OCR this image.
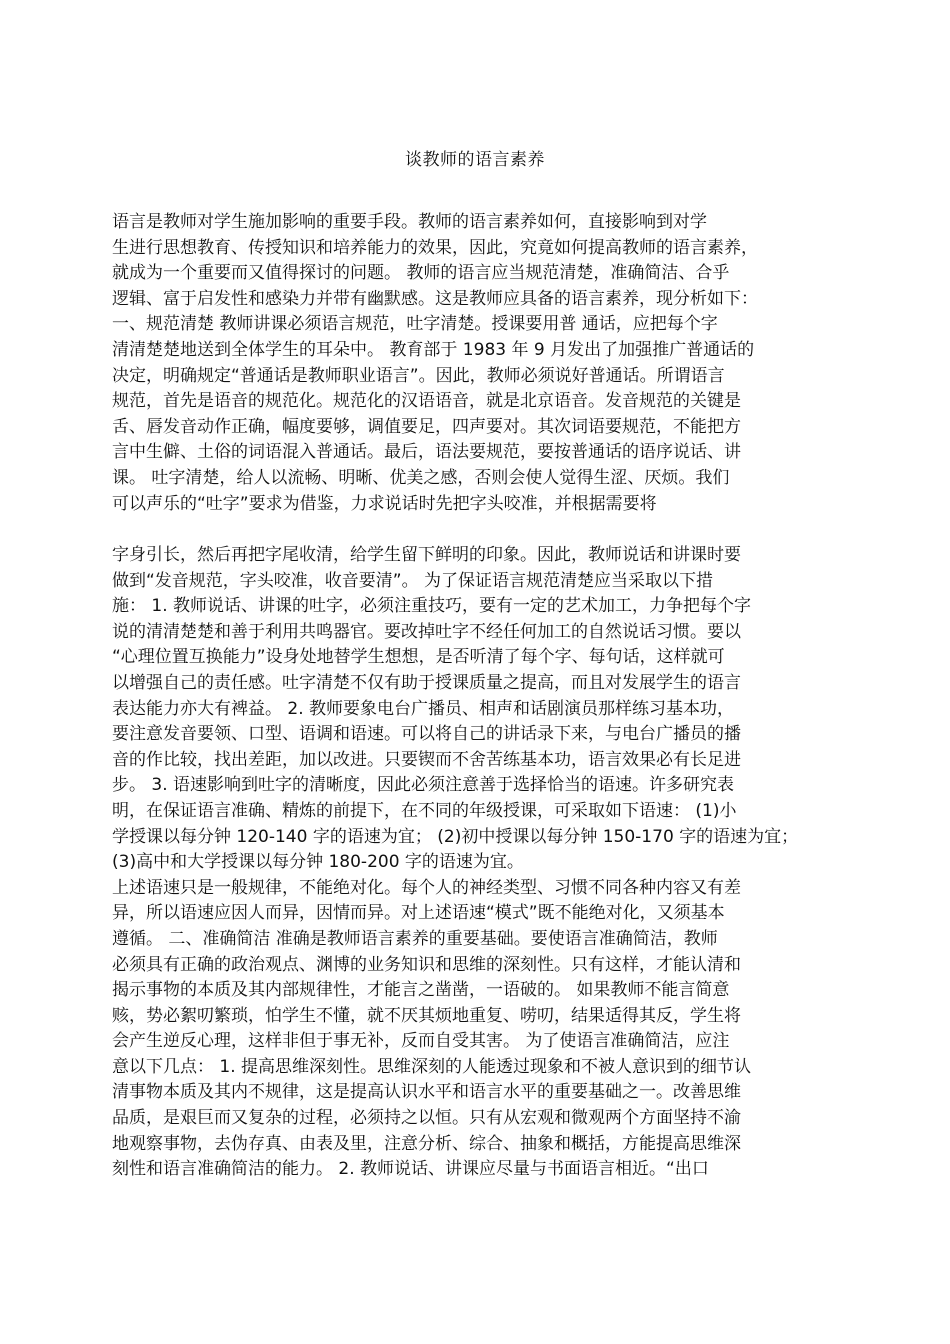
谈教师的语言素养
语言是教师对学生施加影响的重要手段。教师的语言素养如何，直接影响到对学
生进行思想教育、传授知识和培养能力的效果，因此，究竟如何提高教师的语言素养，
就成为一个重要而又值得探讨的问题。 教师的语言应当规范清楚，准确简洁、合乎
逻辑、富于启发性和感染力并带有幽默感。这是教师应具备的语言素养，现分析如下：
一、规范清楚 教师讲课必须语言规范，吐字清楚。授课要用普 通话，应把每个字
清清楚楚地送到全体学生的耳朵中。 教育部于 1983 年 9 月发出了加强推广普通话的
决定，明确规定“普通话是教师职业语言”。因此，教师必须说好普通话。所谓语言
规范，首先是语音的规范化。规范化的汉语语音，就是北京语音。发音规范的关键是
舌、唇发音动作正确，幅度要够，调值要足，四声要对。其次词语要规范，不能把方
言中生僻、土俗的词语混入普通话。最后，语法要规范，要按普通话的语序说话、讲
课。 吐字清楚，给人以流畅、明晰、优美之感，否则会使人觉得生涩、厌烦。我们
可以声乐的“吐字”要求为借鉴，力求说话时先把字头咬准，并根据需要将
字身引长，然后再把字尾收清，给学生留下鲜明的印象。因此，教师说话和讲课时要
做到“发音规范，字头咬准，收音要清”。 为了保证语言规范清楚应当采取以下措
施： 1. 教师说话、讲课的吐字，必须注重技巧，要有一定的艺术加工，力争把每个字
说的清清楚楚和善于利用共鸣器官。要改掉吐字不经任何加工的自然说话习惯。要以
“心理位置互换能力”设身处地替学生想想，是否听清了每个字、每句话，这样就可
以增强自己的责任感。吐字清楚不仅有助于授课质量之提高，而且对发展学生的语言
表达能力亦大有裨益。 2. 教师要象电台广播员、相声和话剧演员那样练习基本功，
要注意发音要领、口型、语调和语速。可以将自己的讲话录下来，与电台广播员的播
音的作比较，找出差距，加以改进。只要锲而不舍苦练基本功，语言效果必有长足进
步。 3. 语速影响到吐字的清晰度，因此必须注意善于选择恰当的语速。许多研究表
明，在保证语言准确、精炼的前提下，在不同的年级授课，可采取如下语速： (1)小
学授课以每分钟 120-140 字的语速为宜； (2)初中授课以每分钟 150-170 字的语速为宜；
(3)高中和大学授课以每分钟 180-200 字的语速为宜。
上述语速只是一般规律，不能绝对化。每个人的神经类型、习惯不同各种内容又有差
异，所以语速应因人而异，因情而异。对上述语速“模式”既不能绝对化，又须基本
遵循。 二、准确简洁 准确是教师语言素养的重要基础。要使语言准确简洁，教师
必须具有正确的政治观点、渊博的业务知识和思维的深刻性。只有这样，才能认清和
揭示事物的本质及其内部规律性，才能言之凿凿，一语破的。 如果教师不能言简意
赅，势必絮叨繁琐，怕学生不懂，就不厌其烦地重复、唠叨，结果适得其反，学生将
会产生逆反心理，这样非但于事无补，反而自受其害。 为了使语言准确简洁，应注
意以下几点： 1. 提高思维深刻性。思维深刻的人能透过现象和不被人意识到的细节认
清事物本质及其内不规律，这是提高认识水平和语言水平的重要基础之一。改善思维
品质，是艰巨而又复杂的过程，必须持之以恒。只有从宏观和微观两个方面坚持不渝
地观察事物，去伪存真、由表及里，注意分析、综合、抽象和概括，方能提高思维深
刻性和语言准确简洁的能力。 2. 教师说话、讲课应尽量与书面语言相近。“出口
